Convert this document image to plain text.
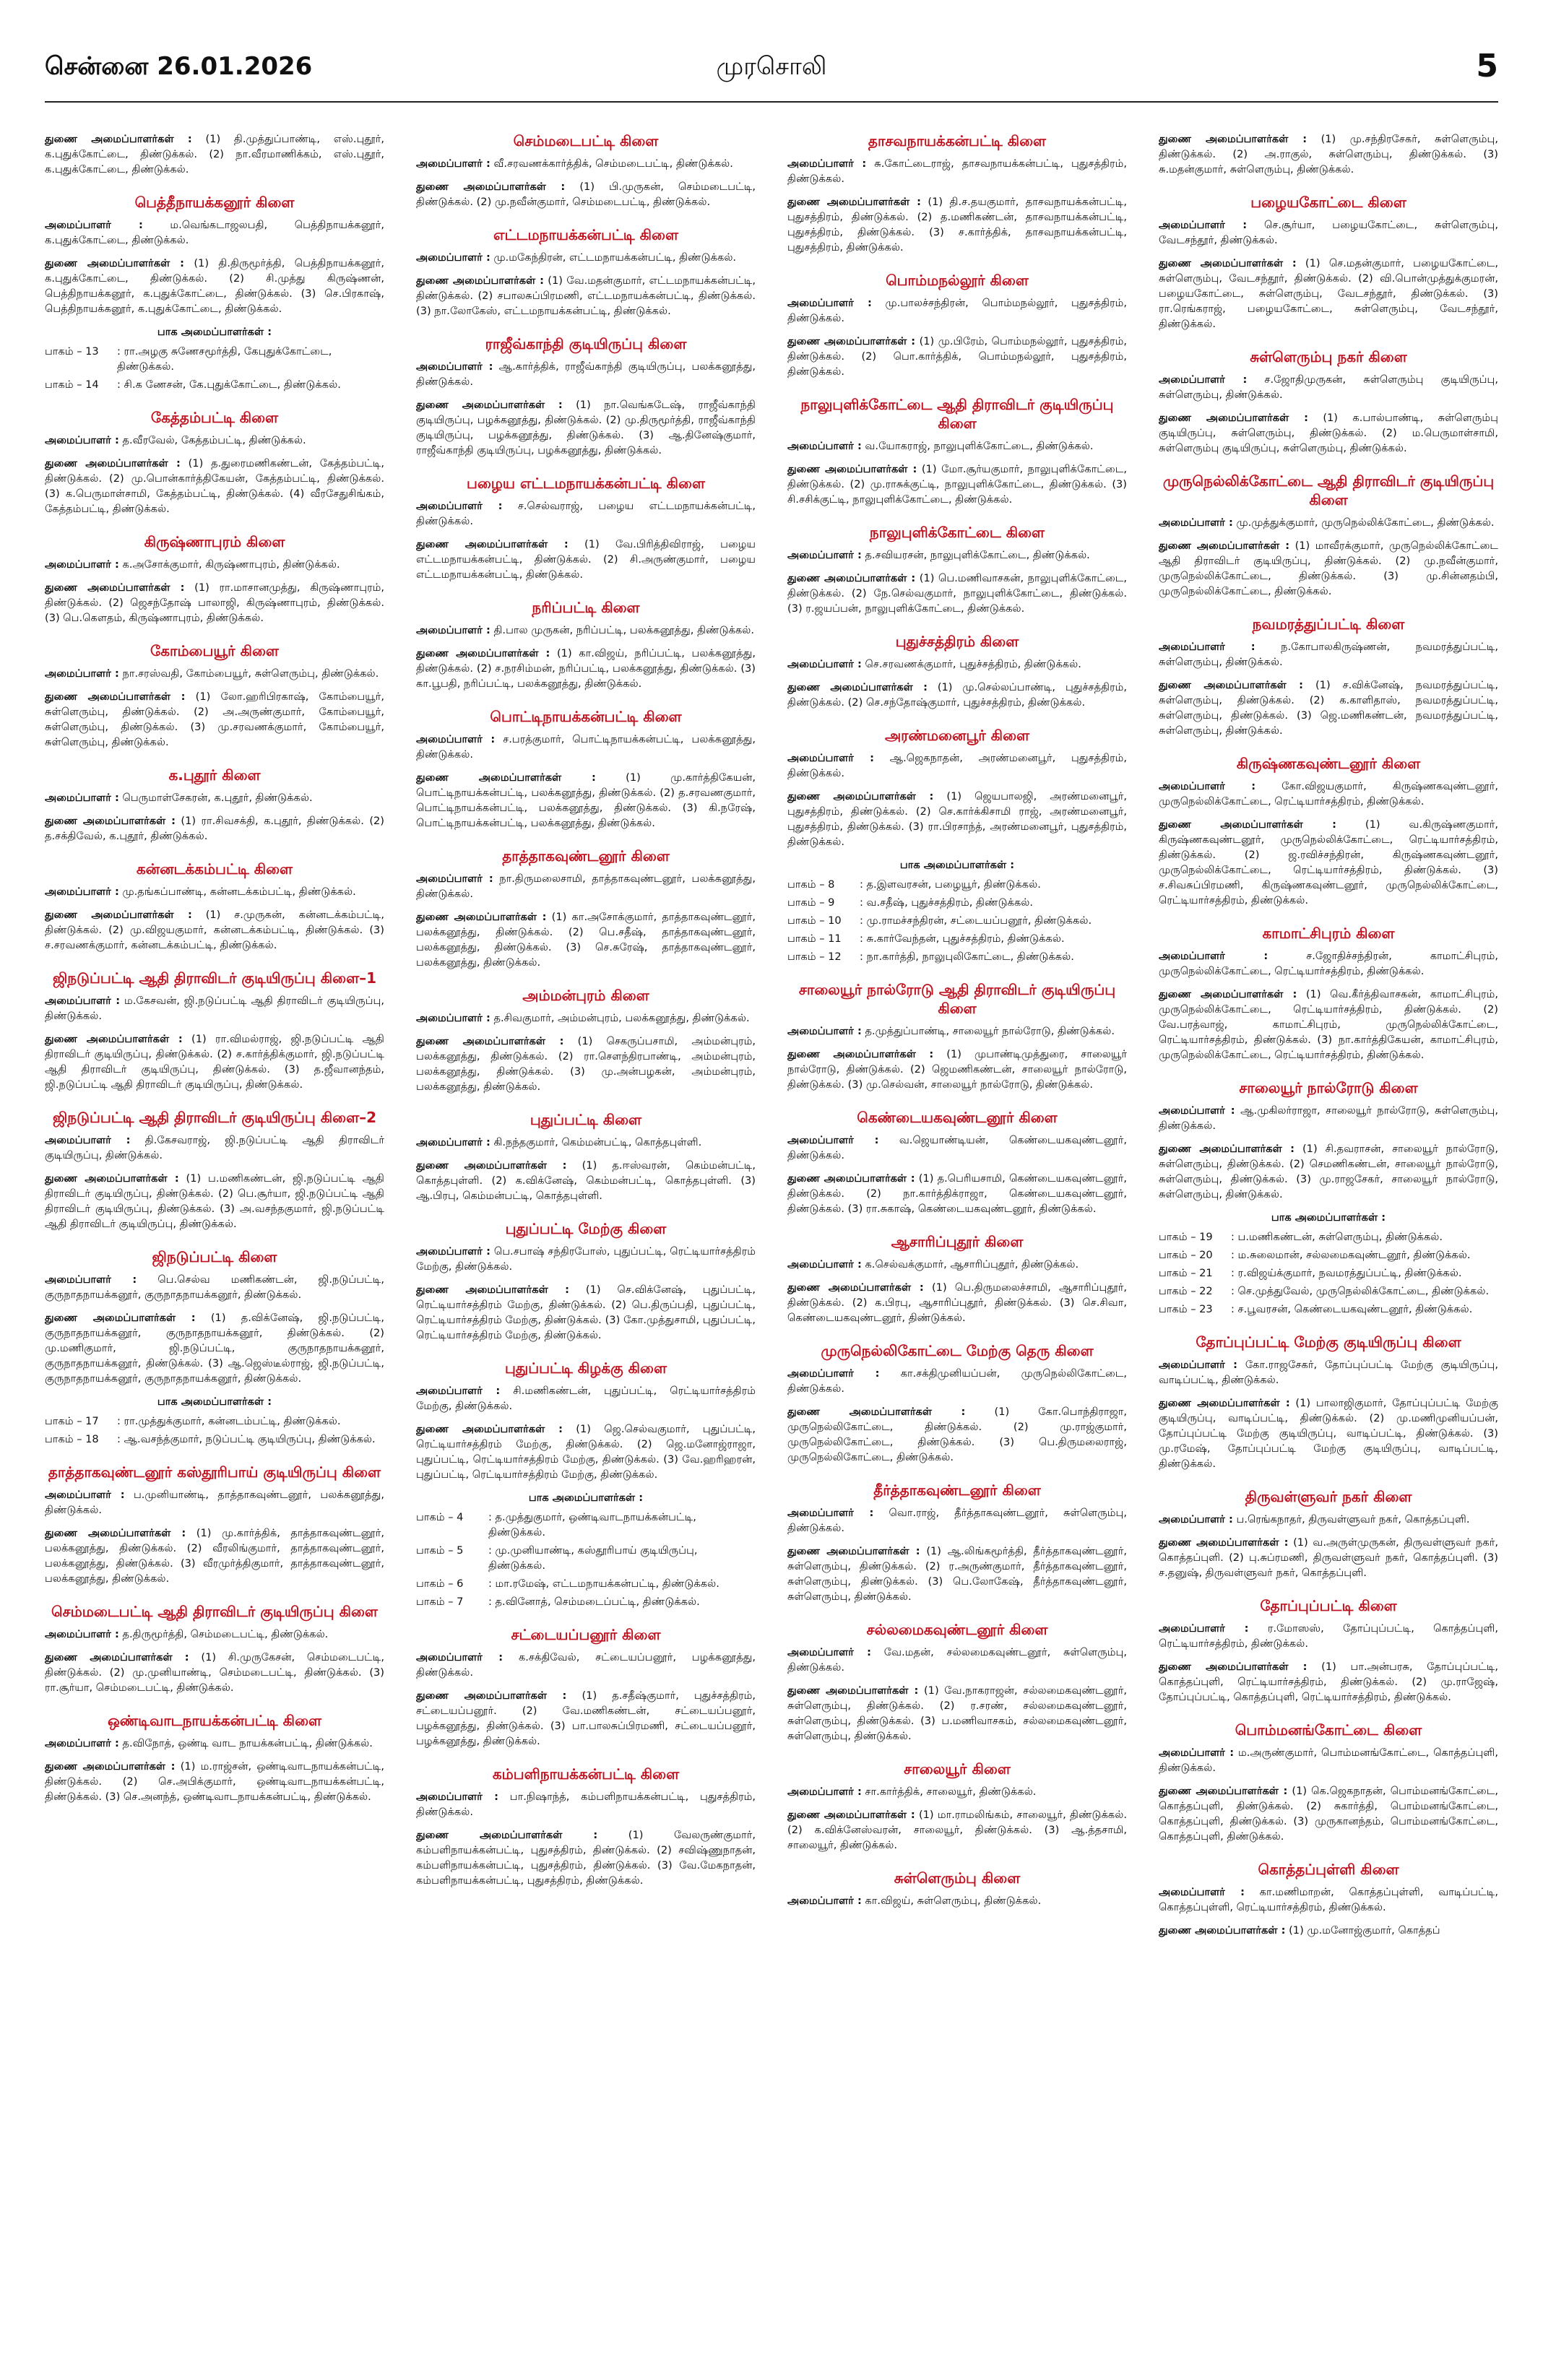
சென்னை 26.01.2026	முரசொலி	5

துணை அமைப்பாளர்கள் : (1) தி.முத்துப்பாண்டி, எஸ்.புதூர், க.புதுக்கோட்டை, திண்டுக்கல். (2) நா.வீரமாணிக்கம், எஸ்.புதூர், க.புதுக்கோட்டை, திண்டுக்கல்.

பெத்தீநாயக்கனூர் கிளை

அமைப்பாளர் :	ம.வெங்கடாஜலபதி, பெத்திநாயக்கனூர், க.புதுக்கோட்டை, திண்டுக்கல்.

துணை அமைப்பாளர்கள் : (1) தி.திருமூர்த்தி, பெத்திநாயக்கனூர், க.புதுக்கோட்டை, திண்டுக்கல். (2) சி.முத்து கிருஷ்ணன், பெத்திநாயக்கனூர், க.புதுக்கோட்டை, திண்டுக்கல். (3) செ.பிரகாஷ், பெத்திநாயக்கனூர், க.புதுக்கோட்டை, திண்டுக்கல்.

பாக அமைப்பாளர்கள் :
பாகம் – 13	: ரா.அழகு சுணேசமூர்த்தி, கேபுதுக்கோட்டை, திண்டுக்கல்.
பாகம் – 14	: சி.க ணேசன், கே.புதுக்கோட்டை, திண்டுக்கல்.
கேத்தம்பட்டி கிளை

அமைப்பாளர் : த.வீரவேல், கேத்தம்பட்டி, திண்டுக்கல்.

துணை அமைப்பாளர்கள் : (1) த.துரைமணிகண்டன், கேத்தம்பட்டி, திண்டுக்கல். (2) மு.பொன்கார்த்திகேயன், கேத்தம்பட்டி, திண்டுக்கல். (3) க.பெருமாள்சாமி, கேத்தம்பட்டி, திண்டுக்கல். (4) வீரசேதுசிங்கம், கேத்தம்பட்டி, திண்டுக்கல்.

கிருஷ்ணாபுரம் கிளை

அமைப்பாளர் : க.அசோக்குமார், கிருஷ்ணாபுரம், திண்டுக்கல்.

துணை அமைப்பாளர்கள் : (1) ரா.மாசானமுத்து, கிருஷ்ணாபுரம், திண்டுக்கல். (2) ஜெசந்தோஷ் பாலாஜி, கிருஷ்ணாபுரம், திண்டுக்கல். (3) பெ.கௌதம், கிருஷ்ணாபுரம், திண்டுக்கல்.

கோம்பையூர் கிளை

அமைப்பாளர் : நா.சரஸ்வதி, கோம்பையூர், சுள்ளெரும்பு, திண்டுக்கல்.

துணை அமைப்பாளர்கள் : (1) லோ.ஹரிபிரகாஷ், கோம்பையூர், சுள்ளெரும்பு, திண்டுக்கல். (2) அ.அருண்குமார், கோம்பையூர், சுள்ளெரும்பு, திண்டுக்கல். (3) மு.சரவணக்குமார், கோம்பையூர், சுள்ளெரும்பு, திண்டுக்கல்.

க.புதூர் கிளை

அமைப்பாளர் : பெருமாள்சேகரன், க.புதூர், திண்டுக்கல்.

துணை அமைப்பாளர்கள் : (1) ரா.சிவசக்தி, க.புதூர், திண்டுக்கல். (2) த.சக்திவேல், க.புதூர், திண்டுக்கல்.

கன்னடக்கம்பட்டி கிளை

அமைப்பாளர் : மு.தங்கப்பாண்டி, கன்னடக்கம்பட்டி, திண்டுக்கல்.

துணை அமைப்பாளர்கள் : (1) ச.முருகன், கன்னடக்கம்பட்டி, திண்டுக்கல். (2) மு.விஜயகுமார், கன்னடக்கம்பட்டி, திண்டுக்கல். (3) ச.சரவணக்குமார், கன்னடக்கம்பட்டி, திண்டுக்கல்.

ஜிநடுப்பட்டி ஆதி திராவிடர் குடியிருப்பு கிளை–1

அமைப்பாளர் : ம.கேசவன், ஜி.நடுப்பட்டி ஆதி திராவிடர் குடியிருப்பு, திண்டுக்கல்.

துணை அமைப்பாளர்கள் : (1) ரா.விமல்ராஜ், ஜி.நடுப்பட்டி ஆதி திராவிடர் குடியிருப்பு, திண்டுக்கல். (2) ச.கார்த்திக்குமார், ஜி.நடுப்பட்டி ஆதி திராவிடர் குடியிருப்பு, திண்டுக்கல். (3) த.ஜீவானந்தம், ஜி.நடுப்பட்டி ஆதி திராவிடர் குடியிருப்பு, திண்டுக்கல்.

ஜிநடுப்பட்டி ஆதி திராவிடர் குடியிருப்பு கிளை–2

அமைப்பாளர் : தி.கேசவராஜ், ஜி.நடுப்பட்டி ஆதி திராவிடர் குடியிருப்பு, திண்டுக்கல்.

துணை அமைப்பாளர்கள் : (1) ப.மணிகண்டன், ஜி.நடுப்பட்டி ஆதி திராவிடர் குடியிருப்பு, திண்டுக்கல். (2) பெ.சூர்யா, ஜி.நடுப்பட்டி ஆதி திராவிடர் குடியிருப்பு, திண்டுக்கல். (3) அ.வசந்தகுமார், ஜி.நடுப்பட்டி ஆதி திராவிடர் குடியிருப்பு, திண்டுக்கல்.

ஜிநடுப்பட்டி கிளை

அமைப்பாளர் : பெ.செல்வ மணிகண்டன், ஜி.நடுப்பட்டி, குருநாதநாயக்கனூர், குருநாதநாயக்கனூர், திண்டுக்கல்.

துணை அமைப்பாளர்கள் : (1) த.விக்னேஷ், ஜி.நடுப்பட்டி, குருநாதநாயக்கனூர், குருநாதநாயக்கனூர், திண்டுக்கல். (2) மு.மணிகுமார், ஜி.நடுப்பட்டி, குருநாதநாயக்கனூர், குருநாதநாயக்கனூர், திண்டுக்கல். (3) ஆ.ஜெஸ்டீல்ராஜ், ஜி.நடுப்பட்டி, குருநாதநாயக்கனூர், குருநாதநாயக்கனூர், திண்டுக்கல்.

பாக அமைப்பாளர்கள் :
பாகம் – 17	: ரா.முத்துக்குமார், கன்னடம்பட்டி, திண்டுக்கல்.
பாகம் – 18	: ஆ.வசந்த்குமார், நடுப்பட்டி குடியிருப்பு, திண்டுக்கல்.
தாத்தாகவுண்டனூர் கஸ்தூரிபாய் குடியிருப்பு கிளை

அமைப்பாளர் : ப.முனியாண்டி, தாத்தாகவுண்டனூர், பலக்கனூத்து, திண்டுக்கல்.

துணை அமைப்பாளர்கள் : (1) மு.கார்த்திக், தாத்தாகவுண்டனூர், பலக்கனூத்து, திண்டுக்கல். (2) வீரலிங்குமார், தாத்தாகவுண்டனூர், பலக்கனூத்து, திண்டுக்கல். (3) வீரமுர்த்திகுமார், தாத்தாகவுண்டனூர், பலக்கனூத்து, திண்டுக்கல்.

செம்மடைபட்டி ஆதி திராவிடர் குடியிருப்பு கிளை

அமைப்பாளர் : த.திருமூர்த்தி, செம்மடைபட்டி, திண்டுக்கல்.

துணை அமைப்பாளர்கள் : (1) சி.முருகேசன், செம்மடைபட்டி, திண்டுக்கல். (2) மு.முனியாண்டி, செம்மடைபட்டி, திண்டுக்கல். (3) ரா.சூர்யா, செம்மடைபட்டி, திண்டுக்கல்.

ஒண்டிவாடநாயக்கன்பட்டி கிளை

அமைப்பாளர் : த.விநோத், ஒண்டி வாட நாயக்கன்பட்டி, திண்டுக்கல்.

துணை அமைப்பாளர்கள் : (1) ம.ராஜ்சன், ஒண்டிவாடநாயக்கன்பட்டி, திண்டுக்கல். (2) செ.அபிக்குமார், ஒண்டிவாடநாயக்கன்பட்டி, திண்டுக்கல். (3) செ.அனந்த், ஒண்டிவாடநாயக்கன்பட்டி, திண்டுக்கல்.

செம்மடைபட்டி கிளை

அமைப்பாளர் : வீ.சரவணக்கார்த்திக், செம்மடைபட்டி, திண்டுக்கல்.

துணை அமைப்பாளர்கள் : (1) பி.முருகன், செம்மடைபட்டி, திண்டுக்கல். (2) மு.நவீன்குமார், செம்மடைபட்டி, திண்டுக்கல்.

எட்டமநாயக்கன்பட்டி கிளை

அமைப்பாளர் : மு.மகேந்திரன், எட்டமநாயக்கன்பட்டி, திண்டுக்கல்.

துணை அமைப்பாளர்கள் : (1) வே.மதன்குமார், எட்டமநாயக்கன்பட்டி, திண்டுக்கல். (2) சபாலசுப்பிரமணி, எட்டமநாயக்கன்பட்டி, திண்டுக்கல். (3) நா.லோகேஸ், எட்டமநாயக்கன்பட்டி, திண்டுக்கல்.

ராஜீவ்காந்தி குடியிருப்பு கிளை

அமைப்பாளர் : ஆ.கார்த்திக், ராஜீவ்காந்தி குடியிருப்பு, பலக்கனூத்து, திண்டுக்கல்.

துணை அமைப்பாளர்கள் : (1) நா.வெங்கடேஷ், ராஜீவ்காந்தி குடியிருப்பு, பழக்கனூத்து, திண்டுக்கல். (2) மு.திருமூர்த்தி, ராஜீவ்காந்தி குடியிருப்பு, பழக்கனூத்து, திண்டுக்கல். (3) ஆ.தினேஷ்குமார், ராஜீவ்காந்தி குடியிருப்பு, பழக்கனூத்து, திண்டுக்கல்.

பழைய எட்டமநாயக்கன்பட்டி கிளை

அமைப்பாளர் : ச.செல்வராஜ், பழைய எட்டமநாயக்கன்பட்டி, திண்டுக்கல்.

துணை அமைப்பாளர்கள் : (1) வே.பிரித்திவிராஜ், பழைய எட்டமநாயக்கன்பட்டி, திண்டுக்கல். (2) சி.அருண்குமார், பழைய எட்டமநாயக்கன்பட்டி, திண்டுக்கல்.

நரிப்பட்டி கிளை

அமைப்பாளர் : தி.பால முருகன், நரிப்பட்டி, பலக்கனூத்து, திண்டுக்கல்.

துணை அமைப்பாளர்கள் : (1) கா.விஜய், நரிப்பட்டி, பலக்கனூத்து, திண்டுக்கல். (2) ச.நரசிம்மன், நரிப்பட்டி, பலக்கனூத்து, திண்டுக்கல். (3) கா.பூபதி, நரிப்பட்டி, பலக்கனூத்து, திண்டுக்கல்.

பொட்டிநாயக்கன்பட்டி கிளை

அமைப்பாளர் : ச.பரத்குமார், பொட்டிநாயக்கன்பட்டி, பலக்கனூத்து, திண்டுக்கல்.

துணை அமைப்பாளர்கள் :	(1) மு.கார்த்திகேயன், பொட்டிநாயக்கன்பட்டி, பலக்கனூத்து, திண்டுக்கல். (2) த.சரவணகுமார், பொட்டிநாயக்கன்பட்டி, பலக்கனூத்து, திண்டுக்கல். (3) கி.நரேஷ், பொட்டிநாயக்கன்பட்டி, பலக்கனூத்து, திண்டுக்கல்.

தாத்தாகவுண்டனூர் கிளை

அமைப்பாளர் : நா.திருமலைசாமி, தாத்தாகவுண்டனூர், பலக்கனூத்து, திண்டுக்கல்.

துணை அமைப்பாளர்கள் : (1) கா.அசோக்குமார், தாத்தாகவுண்டனூர், பலக்கனூத்து, திண்டுக்கல். (2) பெ.சதீஷ், தாத்தாகவுண்டனூர், பலக்கனூத்து, திண்டுக்கல். (3) செ.சுரேஷ், தாத்தாகவுண்டனூர், பலக்கனூத்து, திண்டுக்கல்.

அம்மன்புரம் கிளை

அமைப்பாளர் : த.சிவகுமார், அம்மன்புரம், பலக்கனூத்து, திண்டுக்கல்.

துணை அமைப்பாளர்கள் : (1) செகருப்பசாமி, அம்மன்புரம், பலக்கனூத்து, திண்டுக்கல். (2) ரா.செளந்திரபாண்டி, அம்மன்புரம், பலக்கனூத்து, திண்டுக்கல். (3) மு.அன்பழகன், அம்மன்புரம், பலக்கனூத்து, திண்டுக்கல்.

புதுப்பட்டி கிளை

அமைப்பாளர் : கி.நந்தகுமார், கெம்மன்பட்டி, கொத்தபுள்ளி.

துணை அமைப்பாளர்கள் : (1) த.ஈஸ்வரன், கெம்மன்பட்டி, கொத்தபுள்ளி. (2) க.விக்னேஷ், கெம்மன்பட்டி, கொத்தபுள்ளி. (3) ஆ.பிரபு, கெம்மன்பட்டி, கொத்தபுள்ளி.

புதுப்பட்டி மேற்கு கிளை

அமைப்பாளர் : பெ.சபாஷ் சந்திரபோஸ், புதுப்பட்டி, ரெட்டியார்சத்திரம் மேற்கு, திண்டுக்கல்.

துணை அமைப்பாளர்கள் : (1) செ.விக்னேஷ், புதுப்பட்டி, ரெட்டியார்சத்திரம் மேற்கு, திண்டுக்கல். (2) பெ.திருப்பதி, புதுப்பட்டி, ரெட்டியார்சத்திரம் மேற்கு, திண்டுக்கல். (3) கோ.முத்துசாமி, புதுப்பட்டி, ரெட்டியார்சத்திரம் மேற்கு, திண்டுக்கல்.

புதுப்பட்டி கிழக்கு கிளை

அமைப்பாளர் : சி.மணிகண்டன், புதுப்பட்டி, ரெட்டியார்சத்திரம் மேற்கு, திண்டுக்கல்.

துணை அமைப்பாளர்கள் : (1) ஜெ.செல்வகுமார், புதுப்பட்டி, ரெட்டியார்சத்திரம் மேற்கு, திண்டுக்கல். (2) ஜெ.மனோஜ்ராஜா, புதுப்பட்டி, ரெட்டியார்சத்திரம் மேற்கு, திண்டுக்கல். (3) வே.ஹரிஹரன், புதுப்பட்டி, ரெட்டியார்சத்திரம் மேற்கு, திண்டுக்கல்.

பாக அமைப்பாளர்கள் :
பாகம் – 4	: த.முத்துகுமார், ஒண்டிவாடநாயக்கன்பட்டி, திண்டுக்கல்.
பாகம் – 5	: மு.முனியாண்டி, கஸ்தூரிபாய் குடியிருப்பு, திண்டுக்கல்.
பாகம் – 6	: மா.ரமேஷ், எட்டமநாயக்கன்பட்டி, திண்டுக்கல்.
பாகம் – 7	: த.வினோத், செம்மடைப்பட்டி, திண்டுக்கல்.
சட்டையப்பனூர் கிளை

அமைப்பாளர் : க.சக்திவேல், சட்டையப்பனூர், பழக்கனூத்து, திண்டுக்கல்.

துணை அமைப்பாளர்கள் : (1) த.சதீஷ்குமார், புதுச்சத்திரம், சட்டையப்பனூர். (2) வே.மணிகண்டன், சட்டையப்பனூர், பழக்கனூத்து, திண்டுக்கல். (3) பா.பாலசுப்பிரமணி, சட்டையப்பனூர், பழக்கனூத்து, திண்டுக்கல்.

கம்பளிநாயக்கன்பட்டி கிளை

அமைப்பாளர் : பா.நிஷாந்த், கம்பளிநாயக்கன்பட்டி, புதுசத்திரம், திண்டுக்கல்.

துணை அமைப்பாளர்கள் :	(1) வேலருண்குமார், கம்பளிநாயக்கன்பட்டி, புதுசத்திரம், திண்டுக்கல். (2) சவிஷ்ணுநாதன், கம்பளிநாயக்கன்பட்டி, புதுசத்திரம், திண்டுக்கல். (3) வே.மேகநாதன், கம்பளிநாயக்கன்பட்டி, புதுசத்திரம், திண்டுக்கல்.

தாசவநாயக்கன்பட்டி கிளை

அமைப்பாளர் : சு.கோட்டைராஜ், தாசவநாயக்கன்பட்டி, புதுசத்திரம், திண்டுக்கல்.

துணை அமைப்பாளர்கள் : (1) தி.ச.தயகுமார், தாசவநாயக்கன்பட்டி, புதுசத்திரம், திண்டுக்கல். (2) த.மணிகண்டன், தாசவநாயக்கன்பட்டி, புதுசத்திரம், திண்டுக்கல். (3) ச.கார்த்திக், தாசவநாயக்கன்பட்டி, புதுசத்திரம், திண்டுக்கல்.

பொம்மநல்லூர் கிளை

அமைப்பாளர் : மு.பாலச்சந்திரன், பொம்மநல்லூர், புதுசத்திரம், திண்டுக்கல்.

துணை அமைப்பாளர்கள் : (1) மு.பிரேம், பொம்மநல்லூர், புதுசத்திரம், திண்டுக்கல். (2) பொ.கார்த்திக், பொம்மநல்லூர், புதுசத்திரம், திண்டுக்கல்.

நாலுபுளிக்கோட்டை ஆதி திராவிடர் குடியிருப்பு கிளை

அமைப்பாளர் : வ.யோகராஜ், நாலுபுளிக்கோட்டை, திண்டுக்கல்.

துணை அமைப்பாளர்கள் : (1) மோ.சூர்யகுமார், நாலுபுளிக்கோட்டை, திண்டுக்கல். (2) மு.ராசுக்குட்டி, நாலுபுளிக்கோட்டை, திண்டுக்கல். (3) சி.சசிக்குட்டி, நாலுபுளிக்கோட்டை, திண்டுக்கல்.

நாலுபுளிக்கோட்டை கிளை

அமைப்பாளர் : த.சவியரசன், நாலுபுளிக்கோட்டை, திண்டுக்கல்.

துணை அமைப்பாளர்கள் : (1) பெ.மணிவாசகன், நாலுபுளிக்கோட்டை, திண்டுக்கல். (2) நே.செல்வகுமார், நாலுபுளிக்கோட்டை, திண்டுக்கல். (3) ர.ஜயப்பன், நாலுபுளிக்கோட்டை, திண்டுக்கல்.

புதுச்சத்திரம் கிளை

அமைப்பாளர் : செ.சரவணக்குமார், புதுச்சத்திரம், திண்டுக்கல்.

துணை அமைப்பாளர்கள் : (1) மு.செல்லப்பாண்டி, புதுச்சத்திரம், திண்டுக்கல். (2) செ.சந்தோஷ்குமார், புதுச்சத்திரம், திண்டுக்கல்.

அரண்மனைபூர் கிளை

அமைப்பாளர் : ஆ.ஜெகநாதன், அரண்மனைபூர், புதுசத்திரம், திண்டுக்கல்.

துணை அமைப்பாளர்கள் : (1) ஜெயபாலஜி, அரண்மனைபூர், புதுசத்திரம், திண்டுக்கல். (2) செ.கார்க்கிசாமி ராஜ், அரண்மனைபூர், புதுசத்திரம், திண்டுக்கல். (3) ரா.பிரசாந்த், அரண்மனைபூர், புதுசத்திரம், திண்டுக்கல்.

பாக அமைப்பாளர்கள் :
பாகம் – 8	: த.இளவரசன், பழையூர், திண்டுக்கல்.
பாகம் – 9	: வ.சதீஷ், புதுச்சத்திரம், திண்டுக்கல்.
பாகம் – 10	: மு.ராமச்சந்திரன், சட்டையப்பனூர், திண்டுக்கல்.
பாகம் – 11	: சு.கார்வேந்தன், புதுச்சத்திரம், திண்டுக்கல்.
பாகம் – 12	: நா.கார்த்தி, நாலுபுலிகோட்டை, திண்டுக்கல்.
சாலையூர் நால்ரோடு ஆதி திராவிடர் குடியிருப்பு கிளை

அமைப்பாளர் : த.முத்துப்பாண்டி, சாலையூர் நால்ரோடு, திண்டுக்கல்.

துணை அமைப்பாளர்கள் : (1) முபாண்டிமுத்துரை, சாலையூர் நால்ரோடு, திண்டுக்கல். (2) ஜெமணிகண்டன், சாலையூர் நால்ரோடு, திண்டுக்கல். (3) மு.செல்வன், சாலையூர் நால்ரோடு, திண்டுக்கல்.

கெண்டையகவுண்டனூர் கிளை

அமைப்பாளர் : வ.ஜெயாண்டியன், கெண்டையகவுண்டனூர், திண்டுக்கல்.

துணை அமைப்பாளர்கள் : (1) த.பெரியசாமி, கெண்டையகவுண்டனூர், திண்டுக்கல். (2) நா.கார்த்திக்ராஜா, கெண்டையகவுண்டனூர், திண்டுக்கல். (3) ரா.சுகாஷ், கெண்டையகவுண்டனூர், திண்டுக்கல்.

ஆசாரிப்புதூர் கிளை

அமைப்பாளர் : க.செல்வக்குமார், ஆசாரிப்புதூர், திண்டுக்கல்.

துணை அமைப்பாளர்கள் : (1) பெ.திருமலைச்சாமி, ஆசாரிப்புதூர், திண்டுக்கல். (2) க.பிரபு, ஆசாரிப்புதூர், திண்டுக்கல். (3) செ.சிவா, கெண்டையகவுண்டனூர், திண்டுக்கல்.

முருநெல்லிகோட்டை மேற்கு தெரு கிளை

அமைப்பாளர் : கா.சக்திமுனியப்பன், முருநெல்லிகோட்டை, திண்டுக்கல்.

துணை அமைப்பாளர்கள் :	(1) கோ.பொந்திராஜா, முருநெல்லிகோட்டை, திண்டுக்கல். (2) மு.ராஜ்குமார், முருநெல்லிகோட்டை, திண்டுக்கல். (3) பெ.திருமலைராஜ், முருநெல்லிகோட்டை, திண்டுக்கல்.

தீர்த்தாகவுண்டனூர் கிளை

அமைப்பாளர் : வொ.ராஜ், தீர்த்தாகவுண்டனூர், சுள்ளெரும்பு, திண்டுக்கல்.

துணை அமைப்பாளர்கள் : (1) ஆ.லிங்கமூர்த்தி, தீர்த்தாகவுண்டனூர், சுள்ளெரும்பு, திண்டுக்கல். (2) ர.அருண்குமார், தீர்த்தாகவுண்டனூர், சுள்ளெரும்பு, திண்டுக்கல். (3) பெ.லோகேஷ், தீர்த்தாகவுண்டனூர், சுள்ளெரும்பு, திண்டுக்கல்.

சல்லமைகவுண்டனூர் கிளை

அமைப்பாளர் : வே.மதன், சல்லமைகவுண்டனூர், சுள்ளெரும்பு, திண்டுக்கல்.

துணை அமைப்பாளர்கள் : (1) வே.நாகராஜன், சல்லமைகவுண்டனூர், சுள்ளெரும்பு, திண்டுக்கல். (2) ர.சரண், சல்லமைகவுண்டனூர், சுள்ளெரும்பு, திண்டுக்கல். (3) ப.மணிவாசகம், சல்லமைகவுண்டனூர், சுள்ளெரும்பு, திண்டுக்கல்.

சாலையூர் கிளை

அமைப்பாளர் : சா.கார்த்திக், சாலையூர், திண்டுக்கல்.

துணை அமைப்பாளர்கள் : (1) மா.ராமலிங்கம், சாலையூர், திண்டுக்கல். (2) க.விக்னேஸ்வரன், சாலையூர், திண்டுக்கல். (3) ஆ.த்தசாமி, சாலையூர், திண்டுக்கல்.

சுள்ளெரும்பு கிளை

அமைப்பாளர் : கா.விஜய், சுள்ளெரும்பு, திண்டுக்கல்.

துணை அமைப்பாளர்கள் : (1) மு.சந்திரசேகர், சுள்ளெரும்பு, திண்டுக்கல். (2) அ.ராகுல், சுள்ளெரும்பு, திண்டுக்கல். (3) சு.மதன்குமார், சுள்ளெரும்பு, திண்டுக்கல்.

பழையகோட்டை கிளை

அமைப்பாளர் : செ.சூர்யா, பழையகோட்டை, சுள்ளெரும்பு, வேடசந்தூர், திண்டுக்கல்.

துணை அமைப்பாளர்கள் : (1) செ.மதன்குமார், பழையகோட்டை, சுள்ளெரும்பு, வேடசந்தூர், திண்டுக்கல். (2) வி.பொன்முத்துக்குமரன், பழையகோட்டை, சுள்ளெரும்பு, வேடசந்தூர், திண்டுக்கல். (3) ரா.ரெங்கராஜ், பழையகோட்டை, சுள்ளெரும்பு, வேடசந்தூர், திண்டுக்கல்.

சுள்ளெரும்பு நகர் கிளை

அமைப்பாளர் : ச.ஜோதிமுருகன், சுள்ளெரும்பு குடியிருப்பு, சுள்ளெரும்பு, திண்டுக்கல்.

துணை அமைப்பாளர்கள் : (1) க.பால்பாண்டி, சுள்ளெரும்பு குடியிருப்பு, சுள்ளெரும்பு, திண்டுக்கல். (2) ம.பெருமாள்சாமி, சுள்ளெரும்பு குடியிருப்பு, சுள்ளெரும்பு, திண்டுக்கல்.

முருநெல்லிக்கோட்டை ஆதி திராவிடர் குடியிருப்பு கிளை

அமைப்பாளர் : மு.முத்துக்குமார், முருநெல்லிக்கோட்டை, திண்டுக்கல்.

துணை அமைப்பாளர்கள் : (1) மாவீரக்குமார், முருநெல்லிக்கோட்டை ஆதி திராவிடர் குடியிருப்பு, திண்டுக்கல். (2) மு.நவீன்குமார், முருநெல்லிக்கோட்டை, திண்டுக்கல். (3) மு.சின்னதம்பி, முருநெல்லிக்கோட்டை, திண்டுக்கல்.

நவமரத்துப்பட்டி கிளை

அமைப்பாளர் : ந.கோபாலகிருஷ்ணன், நவமரத்துப்பட்டி, சுள்ளெரும்பு, திண்டுக்கல்.

துணை அமைப்பாளர்கள் : (1) ச.விக்னேஷ், நவமரத்துப்பட்டி, சுள்ளெரும்பு, திண்டுக்கல். (2) க.காளிதாஸ், நவமரத்துப்பட்டி, சுள்ளெரும்பு, திண்டுக்கல். (3) ஜெ.மணிகண்டன், நவமரத்துப்பட்டி, சுள்ளெரும்பு, திண்டுக்கல்.

கிருஷ்ணகவுண்டனூர் கிளை

அமைப்பாளர் : கோ.விஜயகுமார், கிருஷ்ணகவுண்டனூர், முருநெல்லிக்கோட்டை, ரெட்டியார்சத்திரம், திண்டுக்கல்.

துணை அமைப்பாளர்கள் :	(1) வ.கிருஷ்ணகுமார், கிருஷ்ணகவுண்டனூர், முருநெல்லிக்கோட்டை, ரெட்டியார்சத்திரம், திண்டுக்கல். (2) ஜ.ரவிச்சந்திரன், கிருஷ்ணகவுண்டனூர், முருநெல்லிக்கோட்டை, ரெட்டியார்சத்திரம், திண்டுக்கல். (3) ச.சிவசுப்பிரமணி, கிருஷ்ணகவுண்டனூர், முருநெல்லிக்கோட்டை, ரெட்டியார்சத்திரம், திண்டுக்கல்.

காமாட்சிபுரம் கிளை

அமைப்பாளர் :	ச.ஜோதிச்சந்திரன், காமாட்சிபுரம், முருநெல்லிக்கோட்டை, ரெட்டியார்சத்திரம், திண்டுக்கல்.

துணை அமைப்பாளர்கள் : (1) வெ.கீர்த்திவாசகன், காமாட்சிபுரம், முருநெல்லிக்கோட்டை, ரெட்டியார்சத்திரம், திண்டுக்கல். (2) வே.பரத்வாஜ், காமாட்சிபுரம், முருநெல்லிக்கோட்டை, ரெட்டியார்சத்திரம், திண்டுக்கல். (3) நா.கார்த்திகேயன், காமாட்சிபுரம், முருநெல்லிக்கோட்டை, ரெட்டியார்சத்திரம், திண்டுக்கல்.

சாலையூர் நால்ரோடு கிளை

அமைப்பாளர் : ஆ.முகிலர்ராஜா, சாலையூர் நால்ரோடு, சுள்ளெரும்பு, திண்டுக்கல்.

துணை அமைப்பாளர்கள் : (1) சி.தவராசன், சாலையூர் நால்ரோடு, சுள்ளெரும்பு, திண்டுக்கல். (2) செமணிகண்டன், சாலையூர் நால்ரோடு, சுள்ளெரும்பு, திண்டுக்கல். (3) மு.ராஜசேகர், சாலையூர் நால்ரோடு, சுள்ளெரும்பு, திண்டுக்கல்.

பாக அமைப்பாளர்கள் :
பாகம் – 19	: ப.மணிகண்டன், சுள்ளெரும்பு, திண்டுக்கல்.
பாகம் – 20	: ம.சுலைமான், சல்லமைகவுண்டனூர், திண்டுக்கல்.
பாகம் – 21	: ர.விஜய்க்குமார், நவமரத்துப்பட்டி, திண்டுக்கல்.
பாகம் – 22	: செ.முத்துவேல், முருநெல்லிக்கோட்டை, திண்டுக்கல்.
பாகம் – 23	: ச.பூவரசன், கெண்டையகவுண்டனூர், திண்டுக்கல்.
தோப்புப்பட்டி மேற்கு குடியிருப்பு கிளை

அமைப்பாளர் : கோ.ராஜசேகர், தோப்புப்பட்டி மேற்கு குடியிருப்பு, வாடிப்பட்டி, திண்டுக்கல்.

துணை அமைப்பாளர்கள் : (1) பாலாஜிகுமார், தோப்புப்பட்டி மேற்கு குடியிருப்பு, வாடிப்பட்டி, திண்டுக்கல். (2) மு.மணிமுனியப்பன், தோப்புப்பட்டி மேற்கு குடியிருப்பு, வாடிப்பட்டி, திண்டுக்கல். (3) மு.ரமேஷ், தோப்புப்பட்டி மேற்கு குடியிருப்பு, வாடிப்பட்டி, திண்டுக்கல்.

திருவள்ளுவர் நகர் கிளை

அமைப்பாளர் : ப.ரெங்கநாதர், திருவள்ளுவர் நகர், கொத்தப்புளி.

துணை அமைப்பாளர்கள் : (1) வ.அருள்முருகன், திருவள்ளுவர் நகர், கொத்தப்புளி. (2) பு.சுப்ரமணி, திருவள்ளுவர் நகர், கொத்தப்புளி. (3) ச.தனுஷ், திருவள்ளுவர் நகர், கொத்தப்புளி.

தோப்புப்பட்டி கிளை

அமைப்பாளர் : ர.மோஸஸ், தோப்புப்பட்டி, கொத்தப்புளி, ரெட்டியார்சத்திரம், திண்டுக்கல்.

துணை அமைப்பாளர்கள் : (1) பா.அன்பரசு, தோப்புப்பட்டி, கொத்தப்புளி, ரெட்டியார்சத்திரம், திண்டுக்கல். (2) மு.ராஜேஷ், தோப்புப்பட்டி, கொத்தப்புளி, ரெட்டியார்சத்திரம், திண்டுக்கல்.

பொம்மனங்கோட்டை கிளை

அமைப்பாளர் : ம.அருண்குமார், பொம்மனங்கோட்டை, கொத்தப்புளி, திண்டுக்கல்.

துணை அமைப்பாளர்கள் : (1) கெ.ஜெகநாதன், பொம்மனங்கோட்டை, கொத்தப்புளி, திண்டுக்கல். (2) சுகார்த்தி, பொம்மனங்கோட்டை, கொத்தப்புளி, திண்டுக்கல். (3) முருகானந்தம், பொம்மனங்கோட்டை, கொத்தப்புளி, திண்டுக்கல்.

கொத்தப்புள்ளி கிளை

அமைப்பாளர் : கா.மணிமாறன், கொத்தப்புள்ளி, வாடிப்பட்டி, கொத்தப்புள்ளி, ரெட்டியார்சத்திரம், திண்டுக்கல்.

துணை அமைப்பாளர்கள் : (1) மு.மனோஜ்குமார், கொத்தப்
